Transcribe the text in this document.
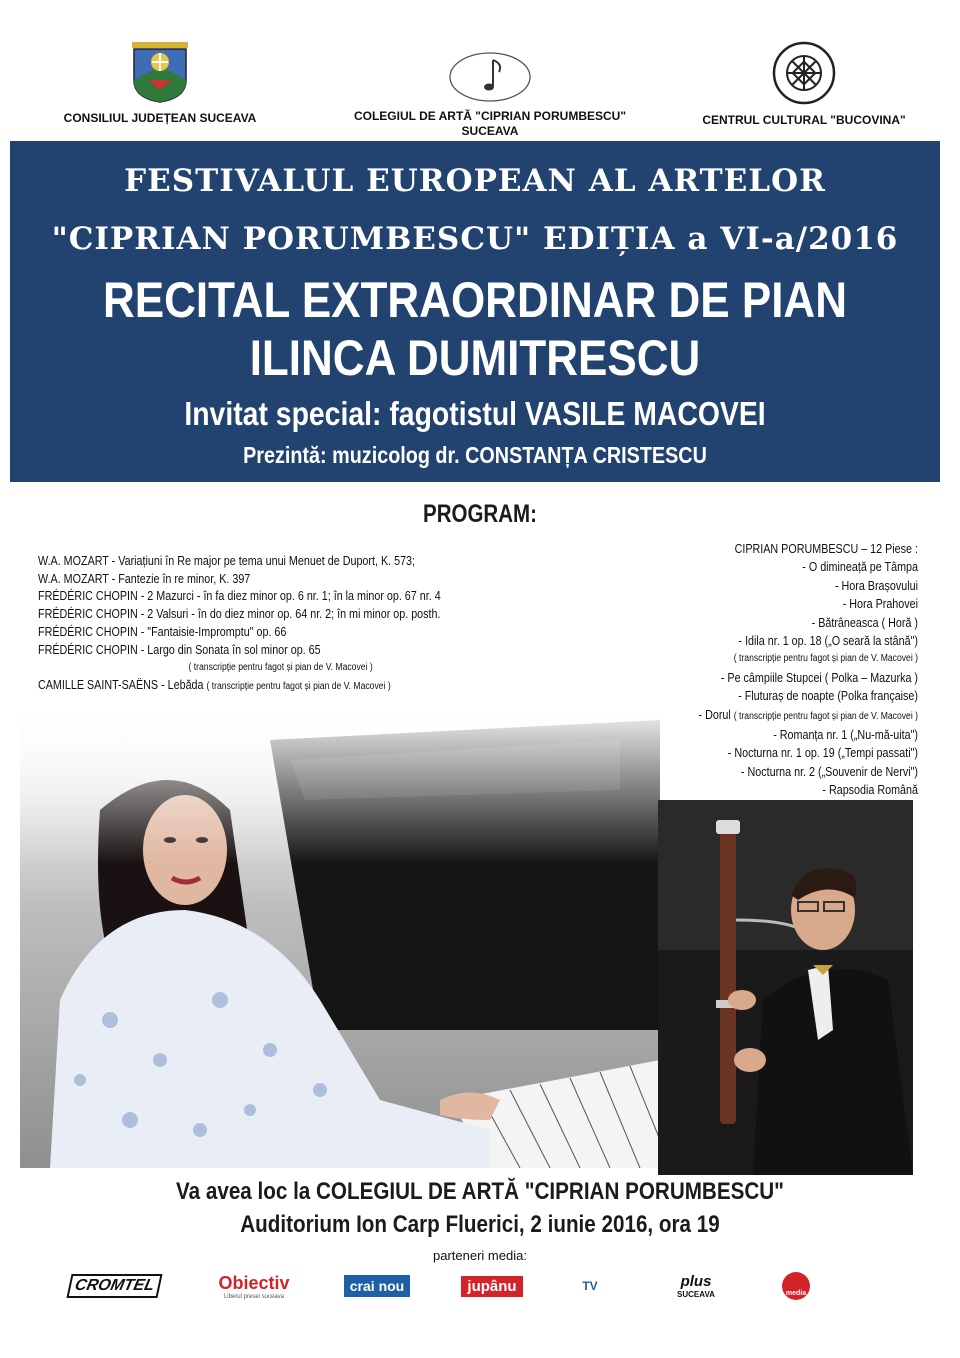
CONSILIUL JUDEȚEAN SUCEAVA	COLEGIUL DE ARTĂ "CIPRIAN PORUMBESCU"
SUCEAVA
CENTRUL CULTURAL "BUCOVINA"
FESTIVALUL EUROPEAN AL ARTELOR
"CIPRIAN PORUMBESCU" EDIȚIA a VI-a/2016
RECITAL EXTRAORDINAR DE PIAN
ILINCA DUMITRESCU
Invitat special: fagotistul VASILE MACOVEI
Prezintă: muzicolog dr. CONSTANȚA CRISTESCU
PROGRAM:
W.A. MOZART - Variațiuni în Re major pe tema unui Menuet de Duport, K. 573;
W.A. MOZART - Fantezie în re minor, K. 397
FRÉDÉRIC CHOPIN - 2 Mazurci - în fa diez minor op. 6 nr. 1; în la minor op. 67 nr. 4
FRÉDÉRIC CHOPIN - 2 Valsuri - în do diez minor op. 64 nr. 2; în mi minor op. posth.
FRÉDÉRIC CHOPIN - "Fantaisie-Impromptu" op. 66
FRÉDÉRIC CHOPIN - Largo din Sonata în sol minor op. 65
( transcripție pentru fagot și pian de V. Macovei )
CAMILLE SAINT-SAËNS - Lebăda ( transcripție pentru fagot și pian de V. Macovei )
CIPRIAN PORUMBESCU – 12 Piese :
- O dimineață pe Tâmpa
- Hora Brașovului
- Hora Prahovei
- Bătrâneasca ( Horă )
- Idila nr. 1 op. 18 („O seară la stână")
( transcripție pentru fagot și pian de V. Macovei )
- Pe câmpiile Stupcei ( Polka – Mazurka )
- Fluturaș de noapte (Polka française)
- Dorul ( transcripție pentru fagot și pian de V. Macovei )
- Romanța nr. 1 („Nu-mă-uita")
- Nocturna nr. 1 op. 19 („Tempi passati")
- Nocturna nr. 2 („Souvenir de Nervi")
- Rapsodia Română
Va avea loc la COLEGIUL DE ARTĂ "CIPRIAN PORUMBESCU"
Auditorium Ion Carp Fluerici, 2 iunie 2016, ora 19
parteneri media:
CROMTEL	Obiectiv
Liberul presei suceava
crai nou	jupânu	TV	plus
SUCEAVA	media
